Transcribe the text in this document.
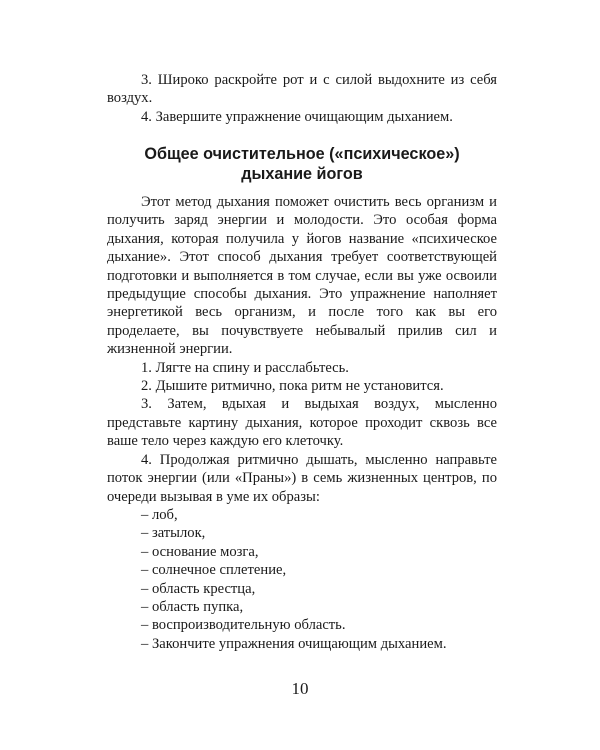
3. Широко раскройте рот и с силой выдохните из себя воздух.

4. Завершите упражнение очищающим дыханием.

Общее очистительное («психическое»)
дыхание йогов

Этот метод дыхания поможет очистить весь организм и получить заряд энергии и молодости. Это особая форма дыхания, которая получила у йогов название «психическое дыхание». Этот способ дыхания требует соответствующей подготовки и выполняется в том случае, если вы уже освоили предыдущие способы дыхания. Это упражнение наполняет энергетикой весь организм, и после того как вы его проделаете, вы почувствуете небывалый прилив сил и жизненной энергии.

1. Лягте на спину и расслабьтесь.

2. Дышите ритмично, пока ритм не установится.

3. Затем, вдыхая и выдыхая воздух, мысленно представьте картину дыхания, которое проходит сквозь все ваше тело через каждую его клеточку.

4. Продолжая ритмично дышать, мысленно направьте поток энергии (или «Праны») в семь жизненных центров, по очереди вызывая в уме их образы:

– лоб,

– затылок,

– основание мозга,

– солнечное сплетение,

– область крестца,

– область пупка,

– воспроизводительную область.

– Закончите упражнения очищающим дыханием.

10
